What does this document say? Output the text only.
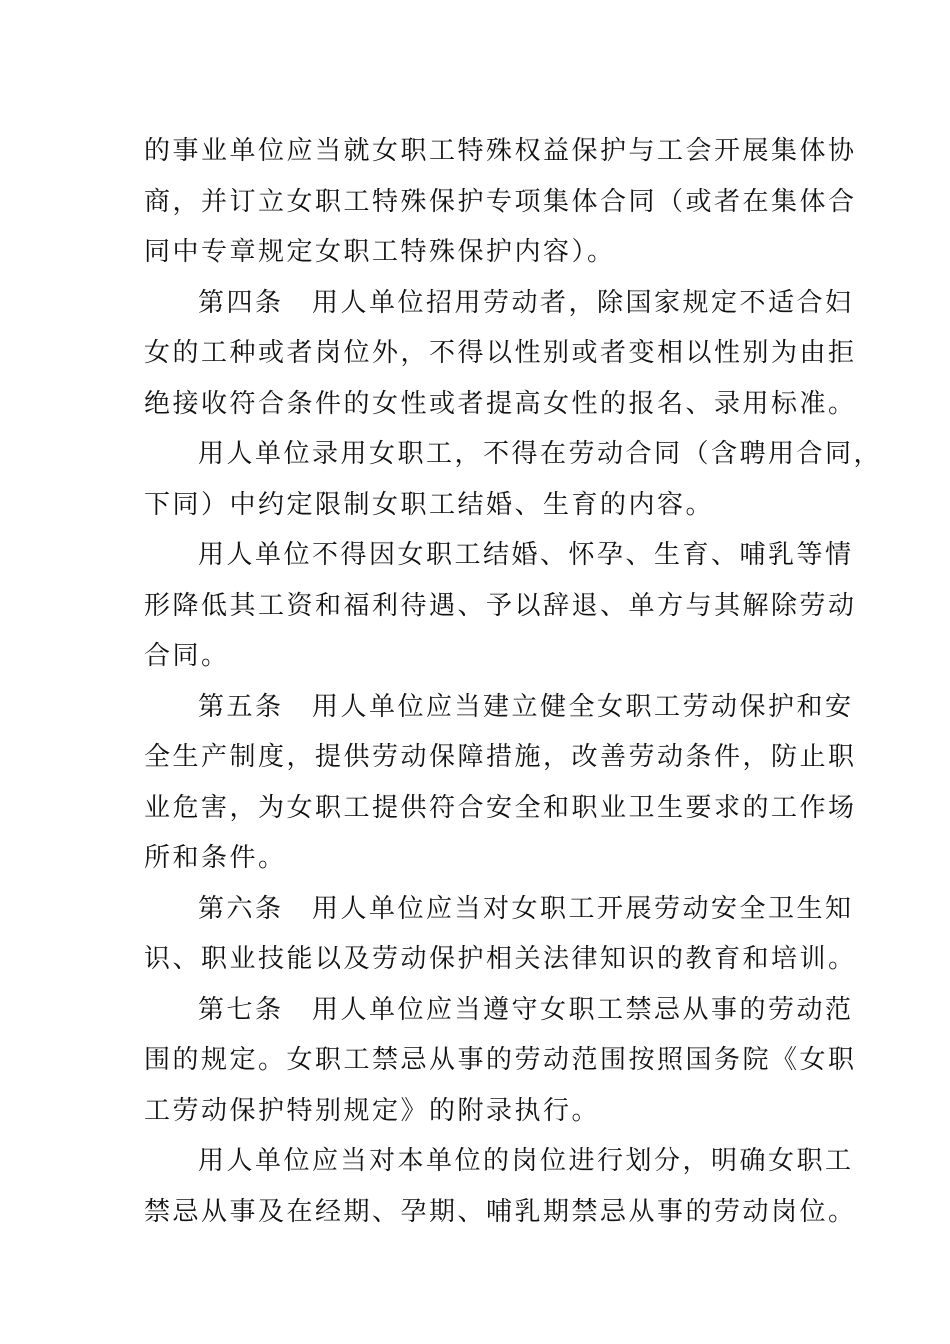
的事业单位应当就女职工特殊权益保护与工会开展集体协
商，并订立女职工特殊保护专项集体合同（或者在集体合
同中专章规定女职工特殊保护内容）。
第四条　用人单位招用劳动者，除国家规定不适合妇
女的工种或者岗位外，不得以性别或者变相以性别为由拒
绝接收符合条件的女性或者提高女性的报名、录用标准。
用人单位录用女职工，不得在劳动合同（含聘用合同，
下同）中约定限制女职工结婚、生育的内容。
用人单位不得因女职工结婚、怀孕、生育、哺乳等情
形降低其工资和福利待遇、予以辞退、单方与其解除劳动
合同。
第五条　用人单位应当建立健全女职工劳动保护和安
全生产制度，提供劳动保障措施，改善劳动条件，防止职
业危害，为女职工提供符合安全和职业卫生要求的工作场
所和条件。
第六条　用人单位应当对女职工开展劳动安全卫生知
识、职业技能以及劳动保护相关法律知识的教育和培训。
第七条　用人单位应当遵守女职工禁忌从事的劳动范
围的规定。女职工禁忌从事的劳动范围按照国务院《女职
工劳动保护特别规定》的附录执行。
用人单位应当对本单位的岗位进行划分，明确女职工
禁忌从事及在经期、孕期、哺乳期禁忌从事的劳动岗位。
